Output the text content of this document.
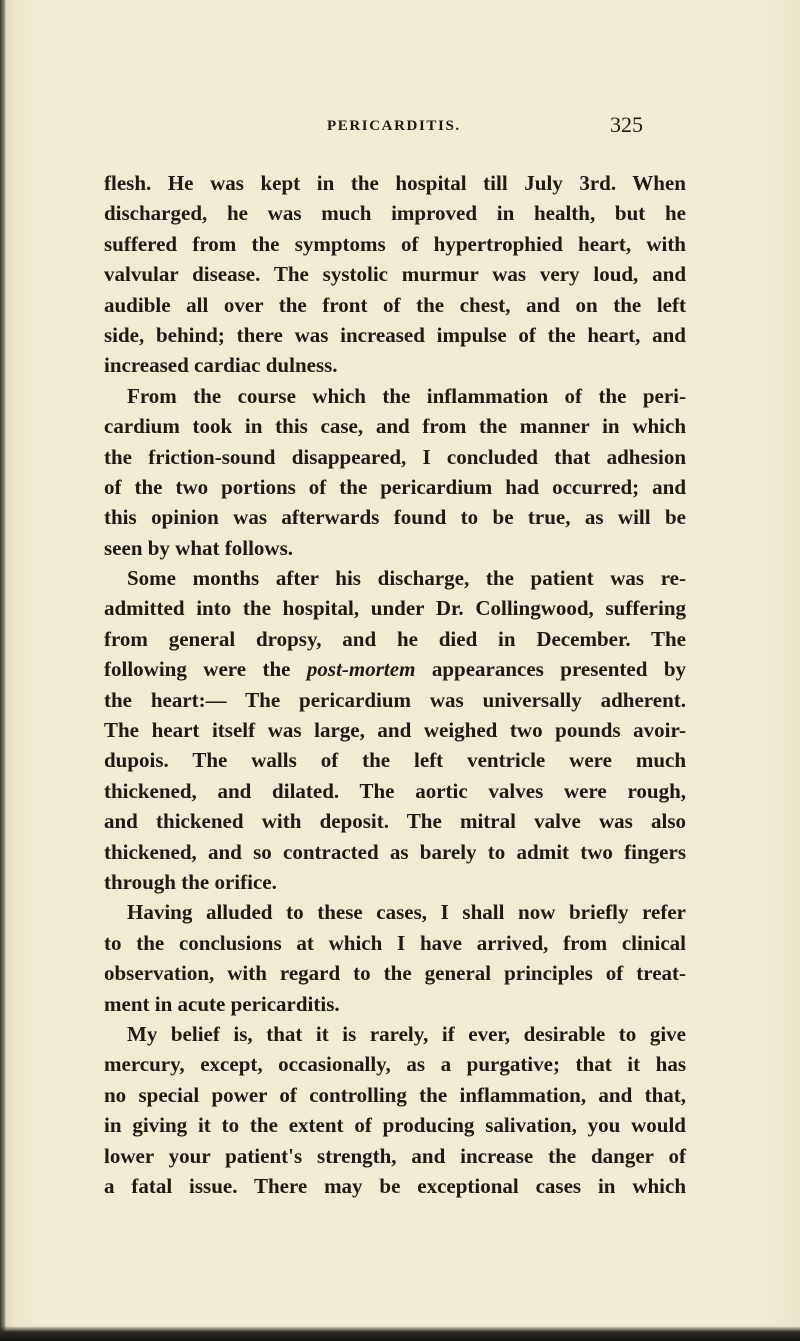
PERICARDITIS.	325
flesh. He was kept in the hospital till July 3rd. When
discharged, he was much improved in health, but he
suffered from the symptoms of hypertrophied heart, with
valvular disease. The systolic murmur was very loud, and
audible all over the front of the chest, and on the left
side, behind; there was increased impulse of the heart, and
increased cardiac dulness.
From the course which the inflammation of the peri-
cardium took in this case, and from the manner in which
the friction-sound disappeared, I concluded that adhesion
of the two portions of the pericardium had occurred; and
this opinion was afterwards found to be true, as will be
seen by what follows.
Some months after his discharge, the patient was re-
admitted into the hospital, under Dr. Collingwood, suffering
from general dropsy, and he died in December. The
following were the post-mortem appearances presented by
the heart:— The pericardium was universally adherent.
The heart itself was large, and weighed two pounds avoir-
dupois. The walls of the left ventricle were much
thickened, and dilated. The aortic valves were rough,
and thickened with deposit. The mitral valve was also
thickened, and so contracted as barely to admit two fingers
through the orifice.
Having alluded to these cases, I shall now briefly refer
to the conclusions at which I have arrived, from clinical
observation, with regard to the general principles of treat-
ment in acute pericarditis.
My belief is, that it is rarely, if ever, desirable to give
mercury, except, occasionally, as a purgative; that it has
no special power of controlling the inflammation, and that,
in giving it to the extent of producing salivation, you would
lower your patient's strength, and increase the danger of
a fatal issue. There may be exceptional cases in which
